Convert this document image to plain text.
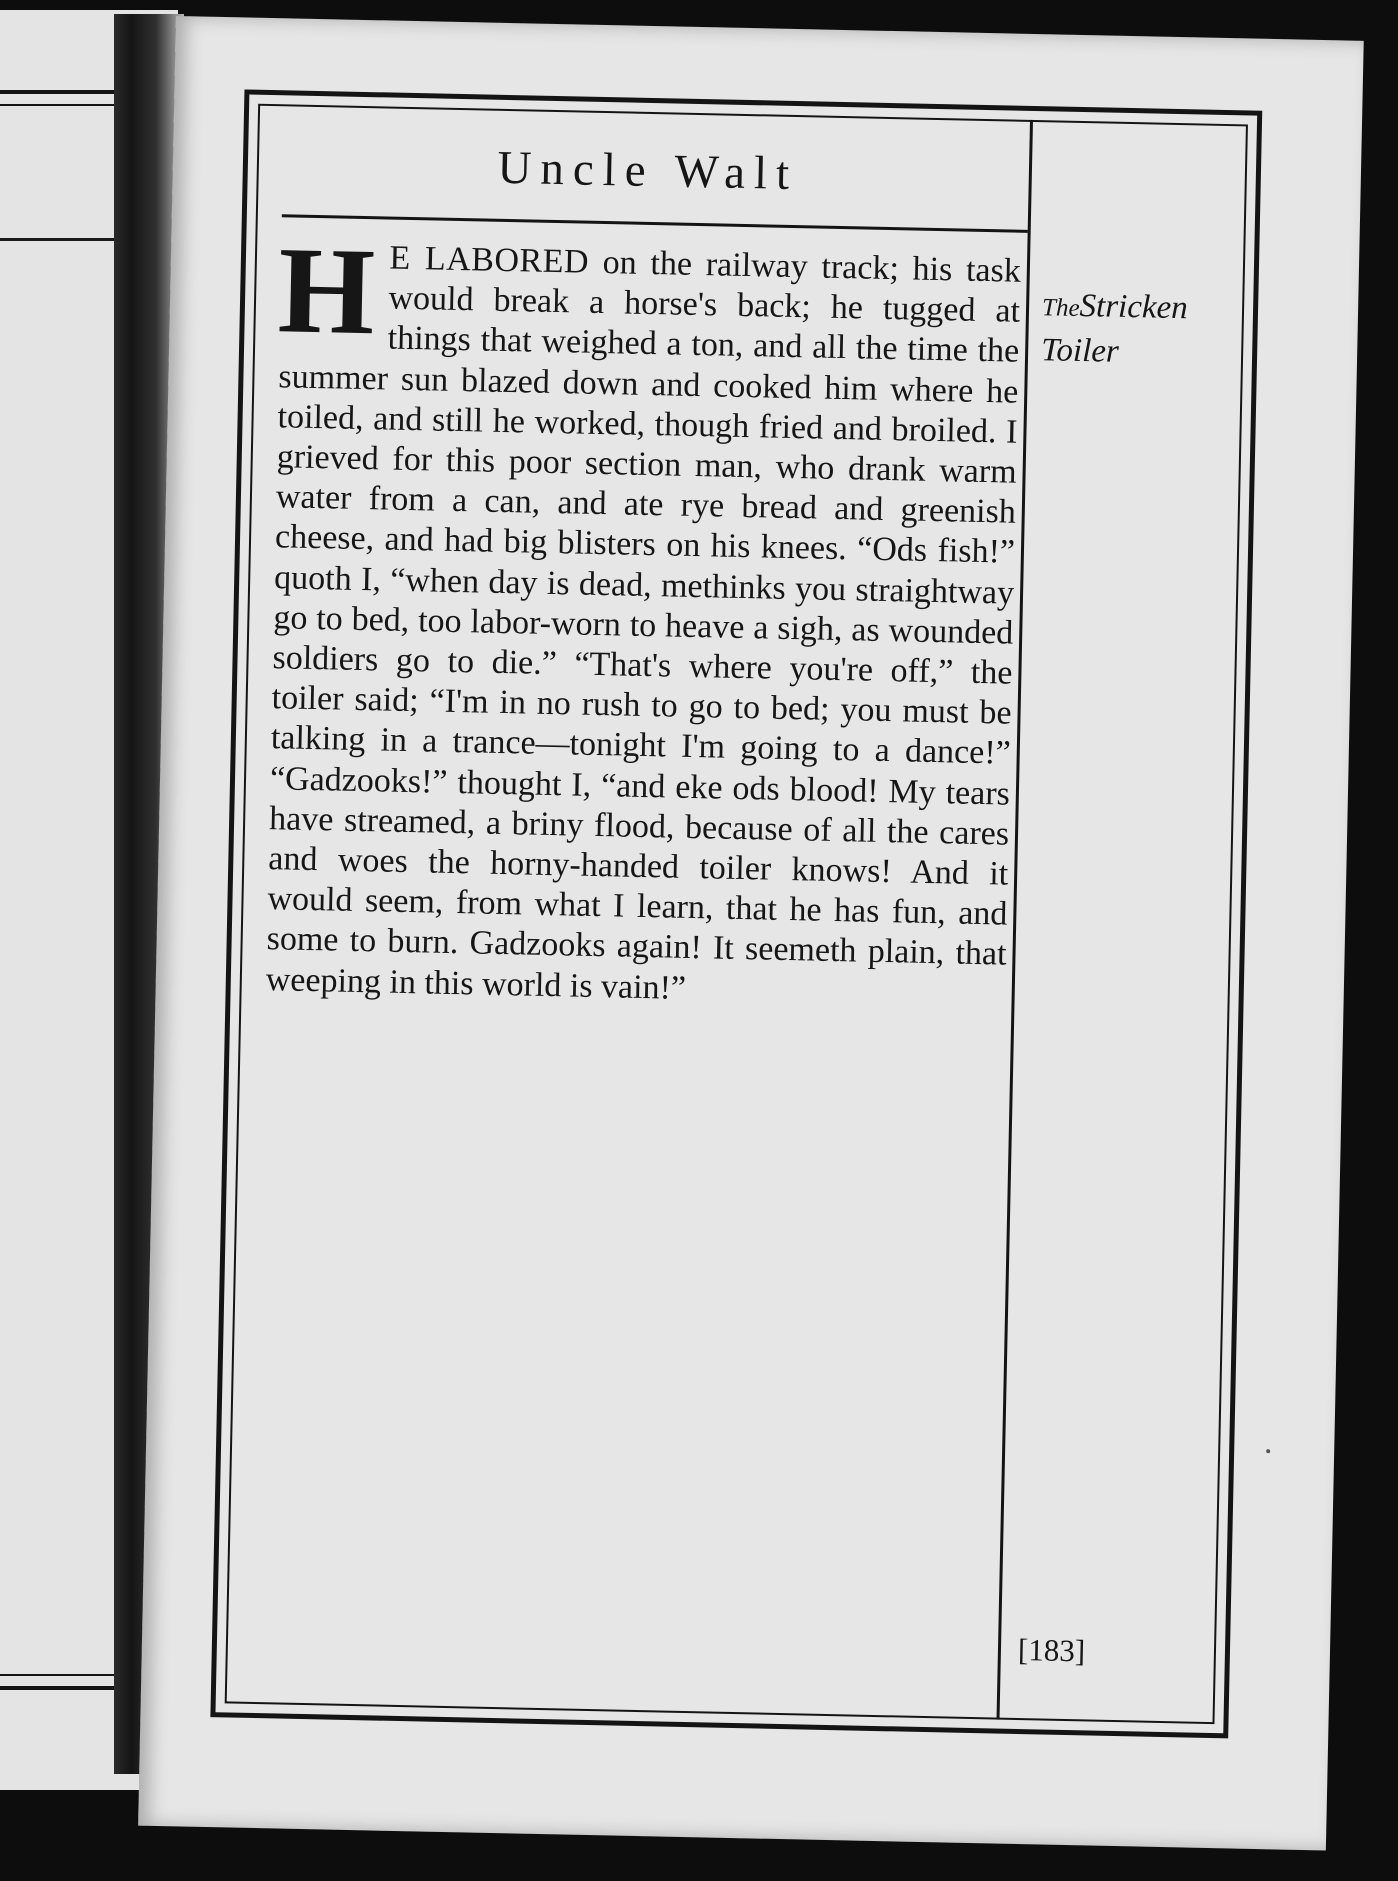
Uncle Walt
H E LABORED on the railway track; his task would break a horse's back; he tugged at things that weighed a ton, and all the time the summer sun blazed down and cooked him where he toiled, and still he worked, though fried and broiled. I grieved for this poor section man, who drank warm water from a can, and ate rye bread and greenish cheese, and had big blisters on his knees. “Ods fish!” quoth I, “when day is dead, methinks you straightway go to bed, too labor-worn to heave a sigh, as wounded soldiers go to die.” “That's where you're off,” the toiler said; “I'm in no rush to go to bed; you must be talking in a trance—tonight I'm going to a dance!” “Gadzooks!” thought I, “and eke ods blood! My tears have streamed, a briny flood, because of all the cares and woes the horny-handed toiler knows! And it would seem, from what I learn, that he has fun, and some to burn. Gadzooks again! It seemeth plain, that weeping in this world is vain!”
TheStricken
Toiler
[183]
